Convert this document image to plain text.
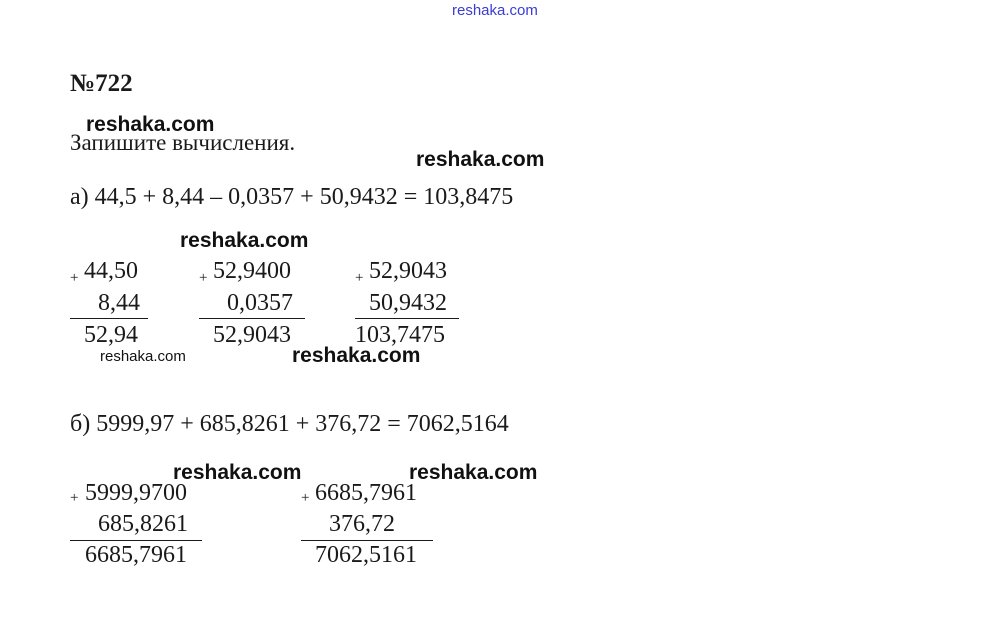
reshaka.com
№722
Запишите вычисления.
а) 44,5 + 8,44 – 0,0357 + 50,9432 = 103,8475
+ 44,50
8,44
52,94
+ 52,9400
0,0357
52,9043
+ 52,9043
50,9432
103,7475
б) 5999,97 + 685,8261 + 376,72 = 7062,5164
+ 5999,9700
685,8261
6685,7961
+ 6685,7961
376,72
7062,5161
reshaka.com
reshaka.com
reshaka.com
reshaka.com	reshaka.com
reshaka.com	reshaka.com
